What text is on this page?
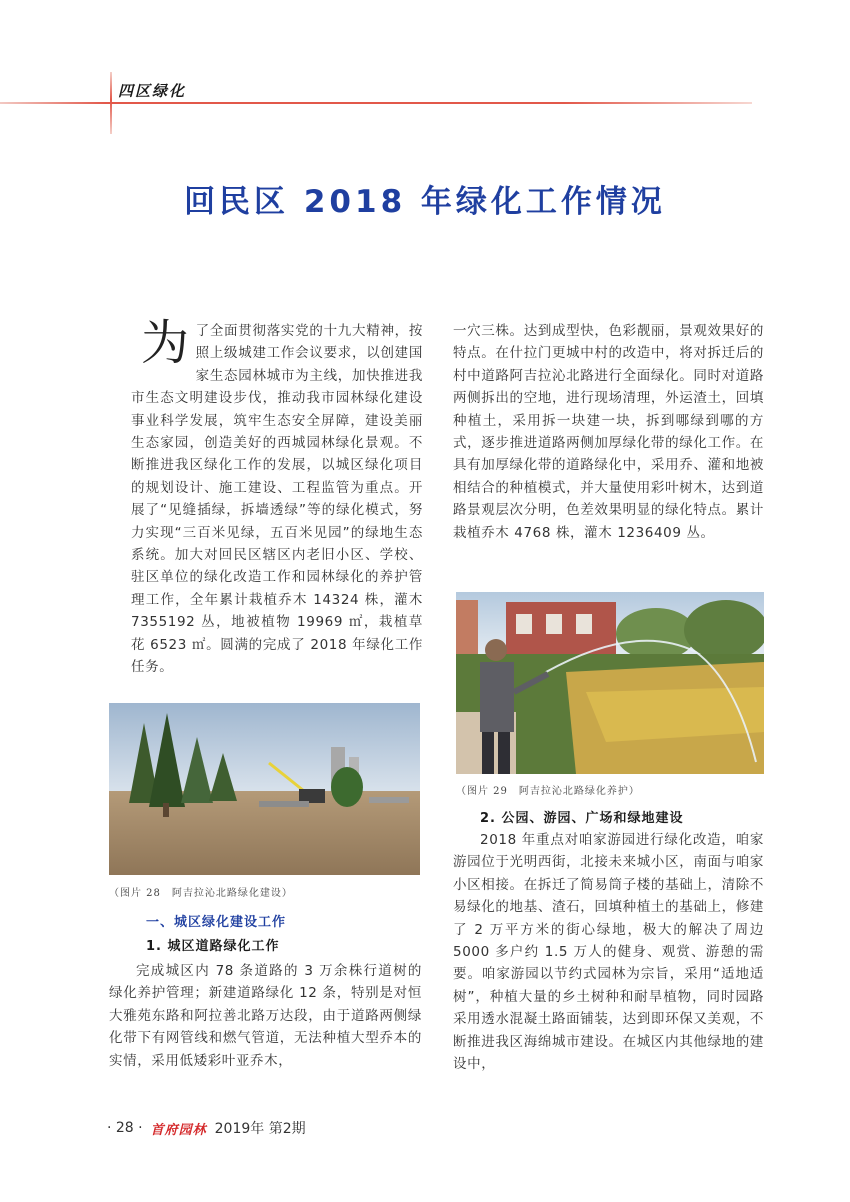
四区绿化
回民区 2018 年绿化工作情况

为了全面贯彻落实党的十九大精神，按照上级城建工作会议要求，以创建国家生态园林城市为主线，加快推进我市生态文明建设步伐，推动我市园林绿化建设事业科学发展，筑牢生态安全屏障，建设美丽生态家园，创造美好的西城园林绿化景观。不断推进我区绿化工作的发展，以城区绿化项目的规划设计、施工建设、工程监管为重点。开展了“见缝插绿，拆墙透绿”等的绿化模式，努力实现“三百米见绿，五百米见园”的绿地生态系统。加大对回民区辖区内老旧小区、学校、驻区单位的绿化改造工作和园林绿化的养护管理工作，全年累计栽植乔木 14324 株，灌木 7355192 丛，地被植物 19969 ㎡，栽植草花 6523 ㎡。圆满的完成了 2018 年绿化工作任务。

（图片 28　阿吉拉沁北路绿化建设）
一、城区绿化建设工作
1. 城区道路绿化工作

完成城区内 78 条道路的 3 万余株行道树的绿化养护管理；新建道路绿化 12 条，特别是对恒大雅苑东路和阿拉善北路万达段，由于道路两侧绿化带下有网管线和燃气管道，无法种植大型乔本的实情，采用低矮彩叶亚乔木，

一穴三株。达到成型快，色彩靓丽，景观效果好的特点。在什拉门更城中村的改造中，将对拆迁后的村中道路阿吉拉沁北路进行全面绿化。同时对道路两侧拆出的空地，进行现场清理，外运渣土，回填种植土，采用拆一块建一块，拆到哪绿到哪的方式，逐步推进道路两侧加厚绿化带的绿化工作。在具有加厚绿化带的道路绿化中，采用乔、灌和地被相结合的种植模式，并大量使用彩叶树木，达到道路景观层次分明，色差效果明显的绿化特点。累计栽植乔木 4768 株，灌木 1236409 丛。

（图片 29　阿吉拉沁北路绿化养护）
2. 公园、游园、广场和绿地建设

2018 年重点对咱家游园进行绿化改造，咱家游园位于光明西街，北接未来城小区，南面与咱家小区相接。在拆迁了简易筒子楼的基础上，清除不易绿化的地基、渣石，回填种植土的基础上，修建了 2 万平方米的街心绿地，极大的解决了周边 5000 多户约 1.5 万人的健身、观赏、游憩的需要。咱家游园以节约式园林为宗旨，采用“适地适树”，种植大量的乡土树种和耐旱植物，同时园路采用透水混凝土路面铺装，达到即环保又美观，不断推进我区海绵城市建设。在城区内其他绿地的建设中，

· 28 · 首府园林 2019年 第2期
